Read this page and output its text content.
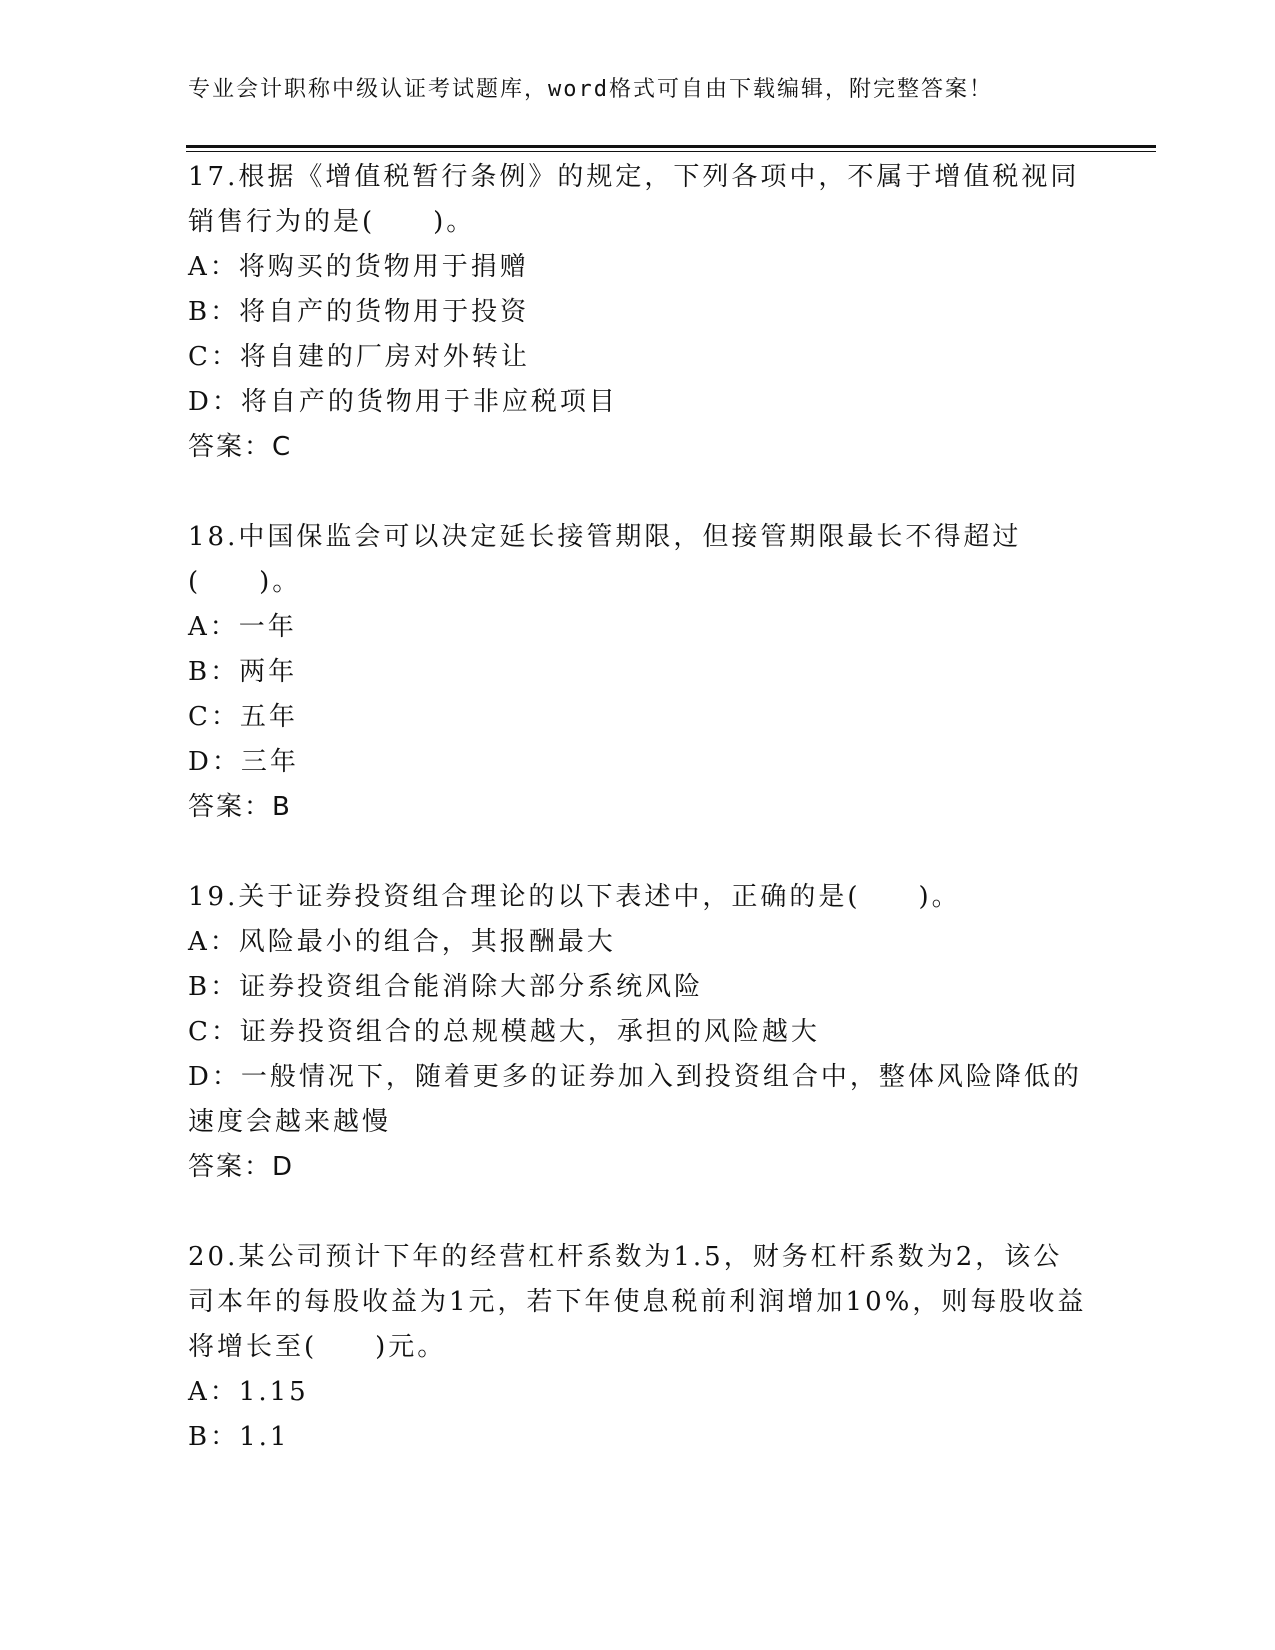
专业会计职称中级认证考试题库，word格式可自由下载编辑，附完整答案！

17.根据《增值税暂行条例》的规定，下列各项中，不属于增值税视同销售行为的是(　　)。

A：将购买的货物用于捐赠

B：将自产的货物用于投资

C：将自建的厂房对外转让

D：将自产的货物用于非应税项目

答案：C

18.中国保监会可以决定延长接管期限，但接管期限最长不得超过(　　)。

A：一年

B：两年

C：五年

D：三年

答案：B

19.关于证券投资组合理论的以下表述中，正确的是(　　)。

A：风险最小的组合，其报酬最大

B：证券投资组合能消除大部分系统风险

C：证券投资组合的总规模越大，承担的风险越大

D：一般情况下，随着更多的证券加入到投资组合中，整体风险降低的速度会越来越慢

答案：D

20.某公司预计下年的经营杠杆系数为1.5，财务杠杆系数为2，该公司本年的每股收益为1元，若下年使息税前利润增加10%，则每股收益将增长至(　　)元。

A：1.15

B：1.1
